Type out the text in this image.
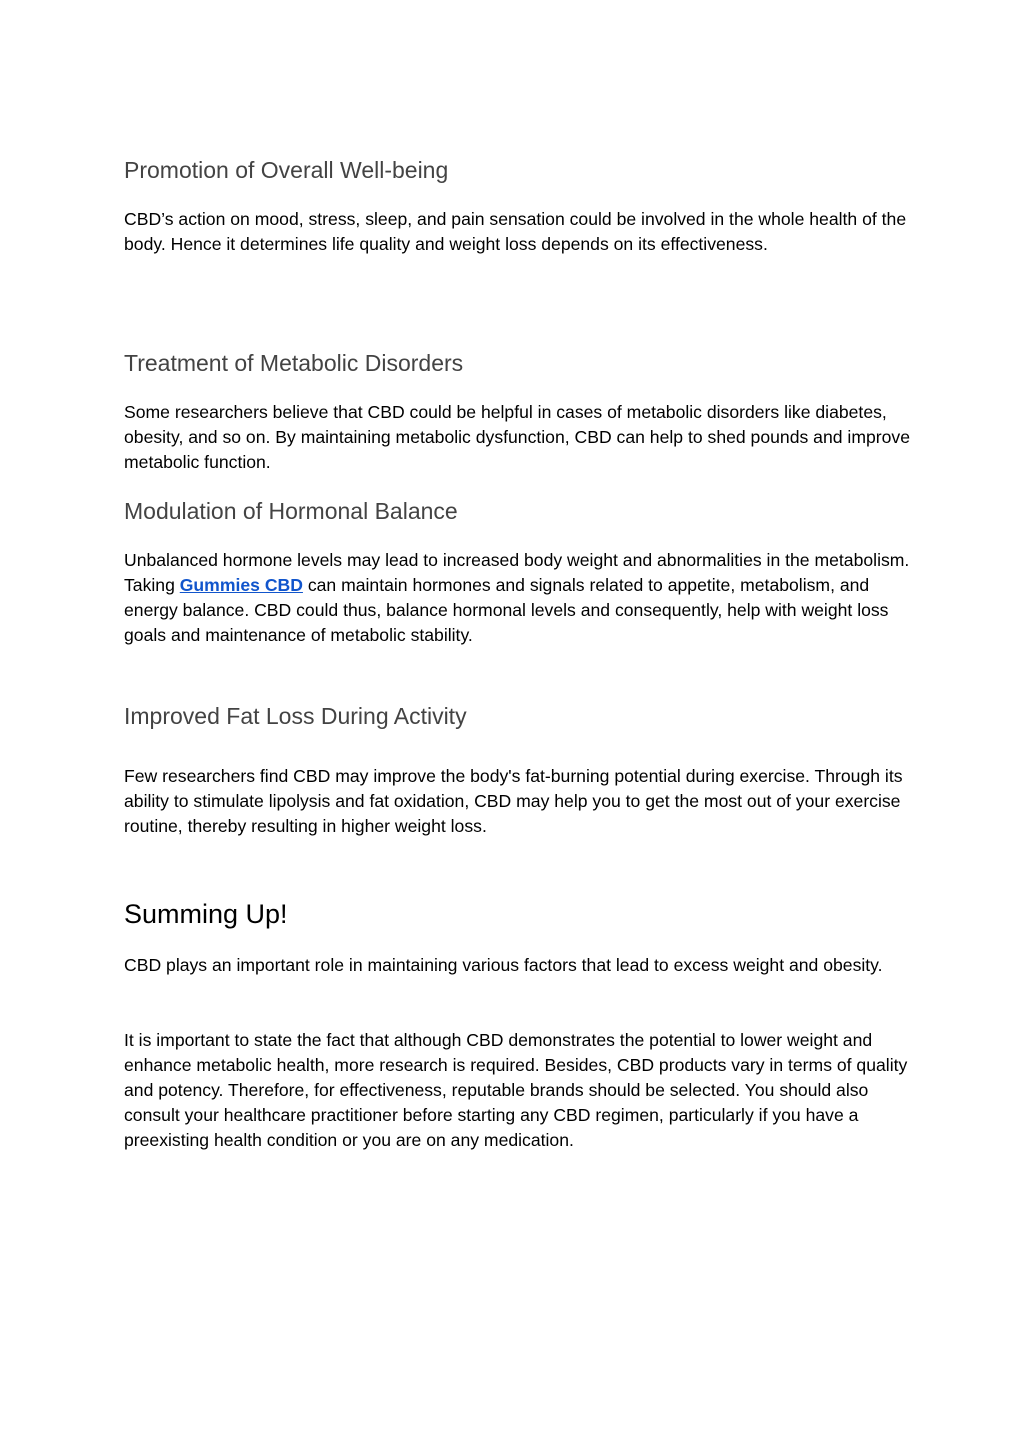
Promotion of Overall Well-being

CBD’s action on mood, stress, sleep, and pain sensation could be involved in the whole health of the body. Hence it determines life quality and weight loss depends on its effectiveness.

Treatment of Metabolic Disorders

Some researchers believe that CBD could be helpful in cases of metabolic disorders like diabetes, obesity, and so on. By maintaining metabolic dysfunction, CBD can help to shed pounds and improve metabolic function.

Modulation of Hormonal Balance

Unbalanced hormone levels may lead to increased body weight and abnormalities in the metabolism. Taking Gummies CBD can maintain hormones and signals related to appetite, metabolism, and energy balance. CBD could thus, balance hormonal levels and consequently, help with weight loss goals and maintenance of metabolic stability.

Improved Fat Loss During Activity

Few researchers find CBD may improve the body's fat-burning potential during exercise. Through its ability to stimulate lipolysis and fat oxidation, CBD may help you to get the most out of your exercise routine, thereby resulting in higher weight loss.

Summing Up!

CBD plays an important role in maintaining various factors that lead to excess weight and obesity.

It is important to state the fact that although CBD demonstrates the potential to lower weight and enhance metabolic health, more research is required. Besides, CBD products vary in terms of quality and potency. Therefore, for effectiveness, reputable brands should be selected. You should also consult your healthcare practitioner before starting any CBD regimen, particularly if you have a preexisting health condition or you are on any medication.
